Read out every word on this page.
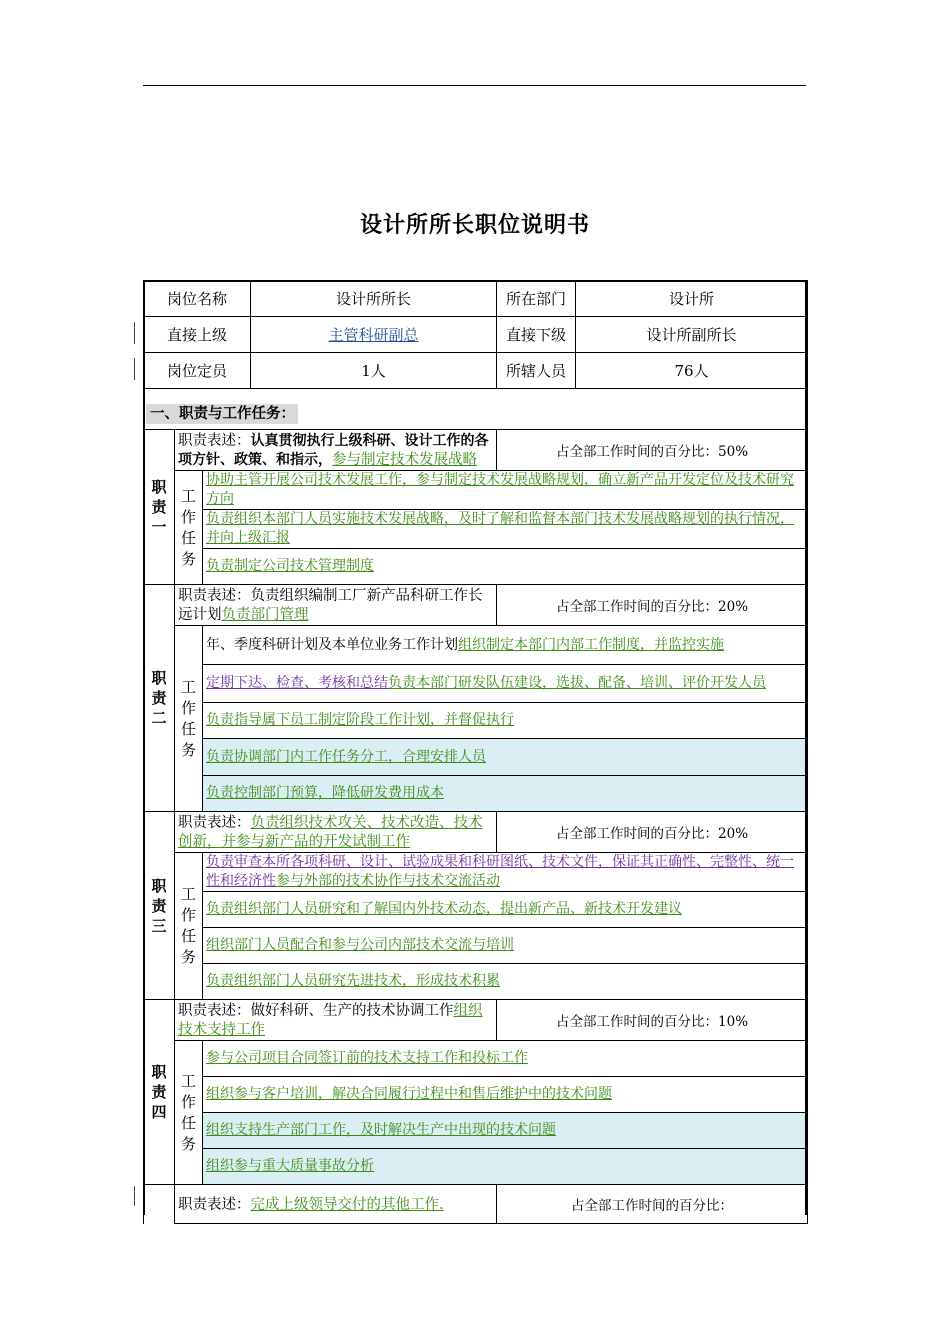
设计所所长职位说明书
岗位名称			设计所所长	所在部门	设计所
直接上级			主管科研副总	直接下级	设计所副所长
岗位定员			1人	所辖人员	76人
一、职责与工作任务：					
职责一	职责表述：认真贯彻执行上级科研、设计工作的各项方针、政策、和指示，参与制定技术发展战略			占全部工作时间的百分比：50%	
	工作任务	协助主管开展公司技术发展工作，参与制定技术发展战略规划，确立新产品开发定位及技术研究方向			
		负责组织本部门人员实施技术发展战略，及时了解和监督本部门技术发展战略规划的执行情况，并向上级汇报			
		负责制定公司技术管理制度			
职责二	职责表述：负责组织编制工厂新产品科研工作长远计划负责部门管理			占全部工作时间的百分比：20%	
	工作任务	年、季度科研计划及本单位业务工作计划组织制定本部门内部工作制度，并监控实施			
		定期下达、检查、考核和总结负责本部门研发队伍建设，选拔、配备、培训、评价开发人员			
		负责指导属下员工制定阶段工作计划，并督促执行			
		负责协调部门内工作任务分工，合理安排人员			
		负责控制部门预算，降低研发费用成本			
职责三	职责表述：负责组织技术攻关、技术改造、技术创新，并参与新产品的开发试制工作			占全部工作时间的百分比：20%	
	工作任务	负责审查本所各项科研、设计、试验成果和科研图纸、技术文件，保证其正确性、完整性、统一性和经济性参与外部的技术协作与技术交流活动			
		负责组织部门人员研究和了解国内外技术动态，提出新产品、新技术开发建议			
		组织部门人员配合和参与公司内部技术交流与培训			
		负责组织部门人员研究先进技术，形成技术积累			
职责四	职责表述：做好科研、生产的技术协调工作组织技术支持工作			占全部工作时间的百分比：10%	
	工作任务	参与公司项目合同签订前的技术支持工作和投标工作			
		组织参与客户培训，解决合同履行过程中和售后维护中的技术问题			
		组织支持生产部门工作，及时解决生产中出现的技术问题			
		组织参与重大质量事故分析			
	职责表述：完成上级领导交付的其他工作.			占全部工作时间的百分比：	
